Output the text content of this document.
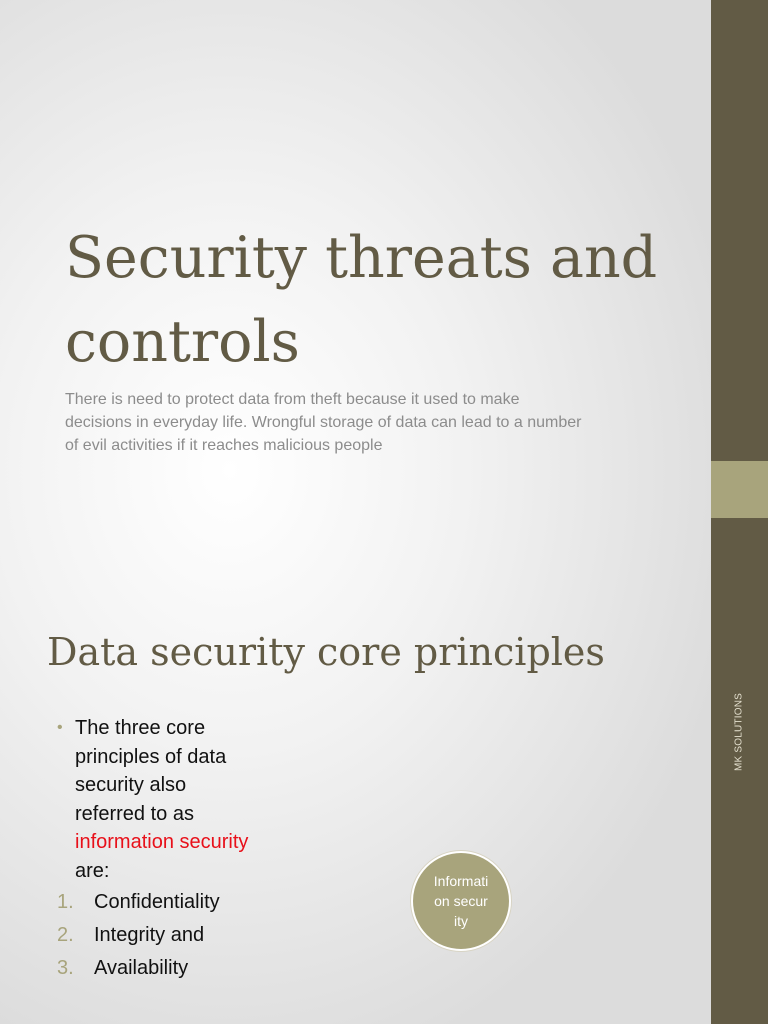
MK SOLUTIONS
Security threats and controls

There is need to protect data from theft because it used to make decisions in everyday life. Wrongful storage of data can lead to a number of evil activities if it reaches malicious people

Data security core principles
• The three core principles of data security also referred to as information security are:
1. Confidentiality
2. Integrity and
3. Availability
Information security
